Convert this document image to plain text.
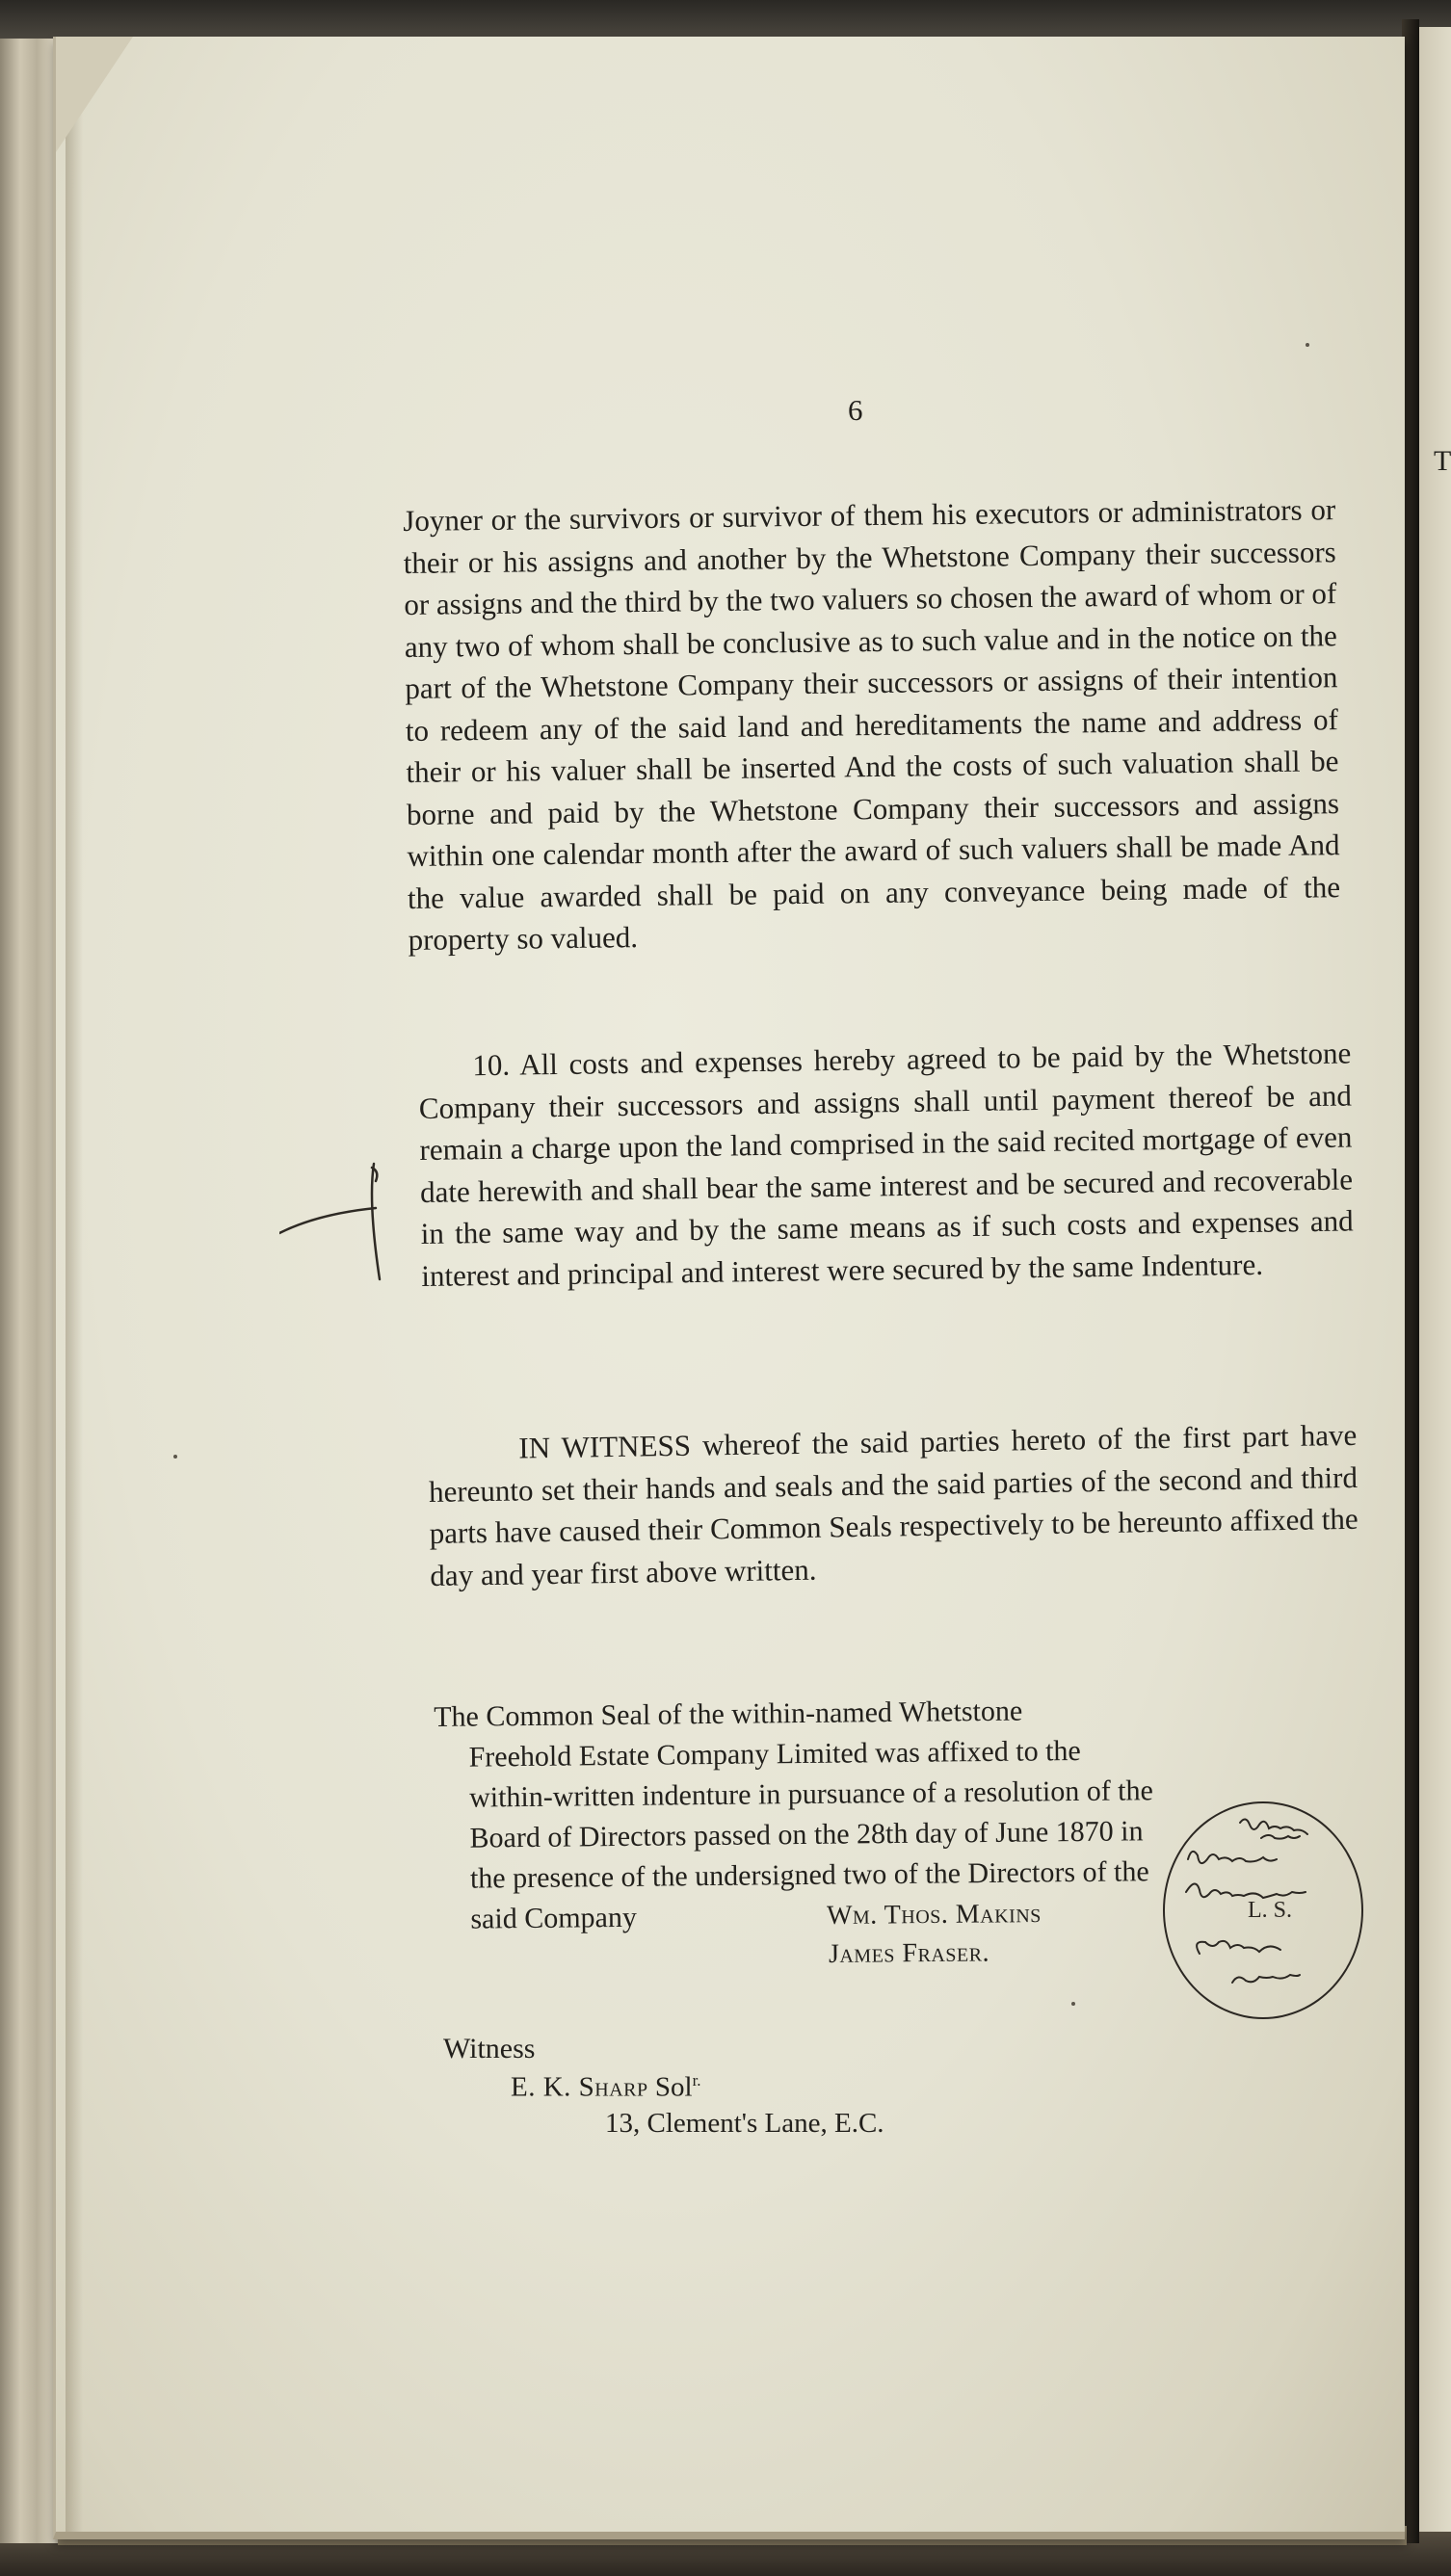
T
6

Joyner or the survivors or survivor of them his executors or administrators or their or his assigns and another by the Whetstone Company their successors or assigns and the third by the two valuers so chosen the award of whom or of any two of whom shall be conclusive as to such value and in the notice on the part of the Whetstone Company their successors or assigns of their intention to redeem any of the said land and hereditaments the name and address of their or his valuer shall be inserted And the costs of such valuation shall be borne and paid by the Whetstone Company their successors and assigns within one calendar month after the award of such valuers shall be made And the value awarded shall be paid on any conveyance being made of the property so valued.

10. All costs and expenses hereby agreed to be paid by the Whetstone Company their successors and assigns shall until payment thereof be and remain a charge upon the land comprised in the said recited mortgage of even date herewith and shall bear the same interest and be secured and recoverable in the same way and by the same means as if such costs and expenses and interest and principal and interest were secured by the same Indenture.

IN WITNESS whereof the said parties hereto of the first part have hereunto set their hands and seals and the said parties of the second and third parts have caused their Common Seals respectively to be hereunto affixed the day and year first above written.

The Common Seal of the within-named Whetstone
Freehold Estate Company Limited was affixed to the within-written indenture in pursuance of a resolution of the Board of Directors passed on the 28th day of June 1870 in the presence of the undersigned two of the Directors of the said Company	Wm. Thos. Makins
James Fraser.
Witness
E. K. Sharp Sol$^{r.}$
13, Clement's Lane, E.C.
L. S.
